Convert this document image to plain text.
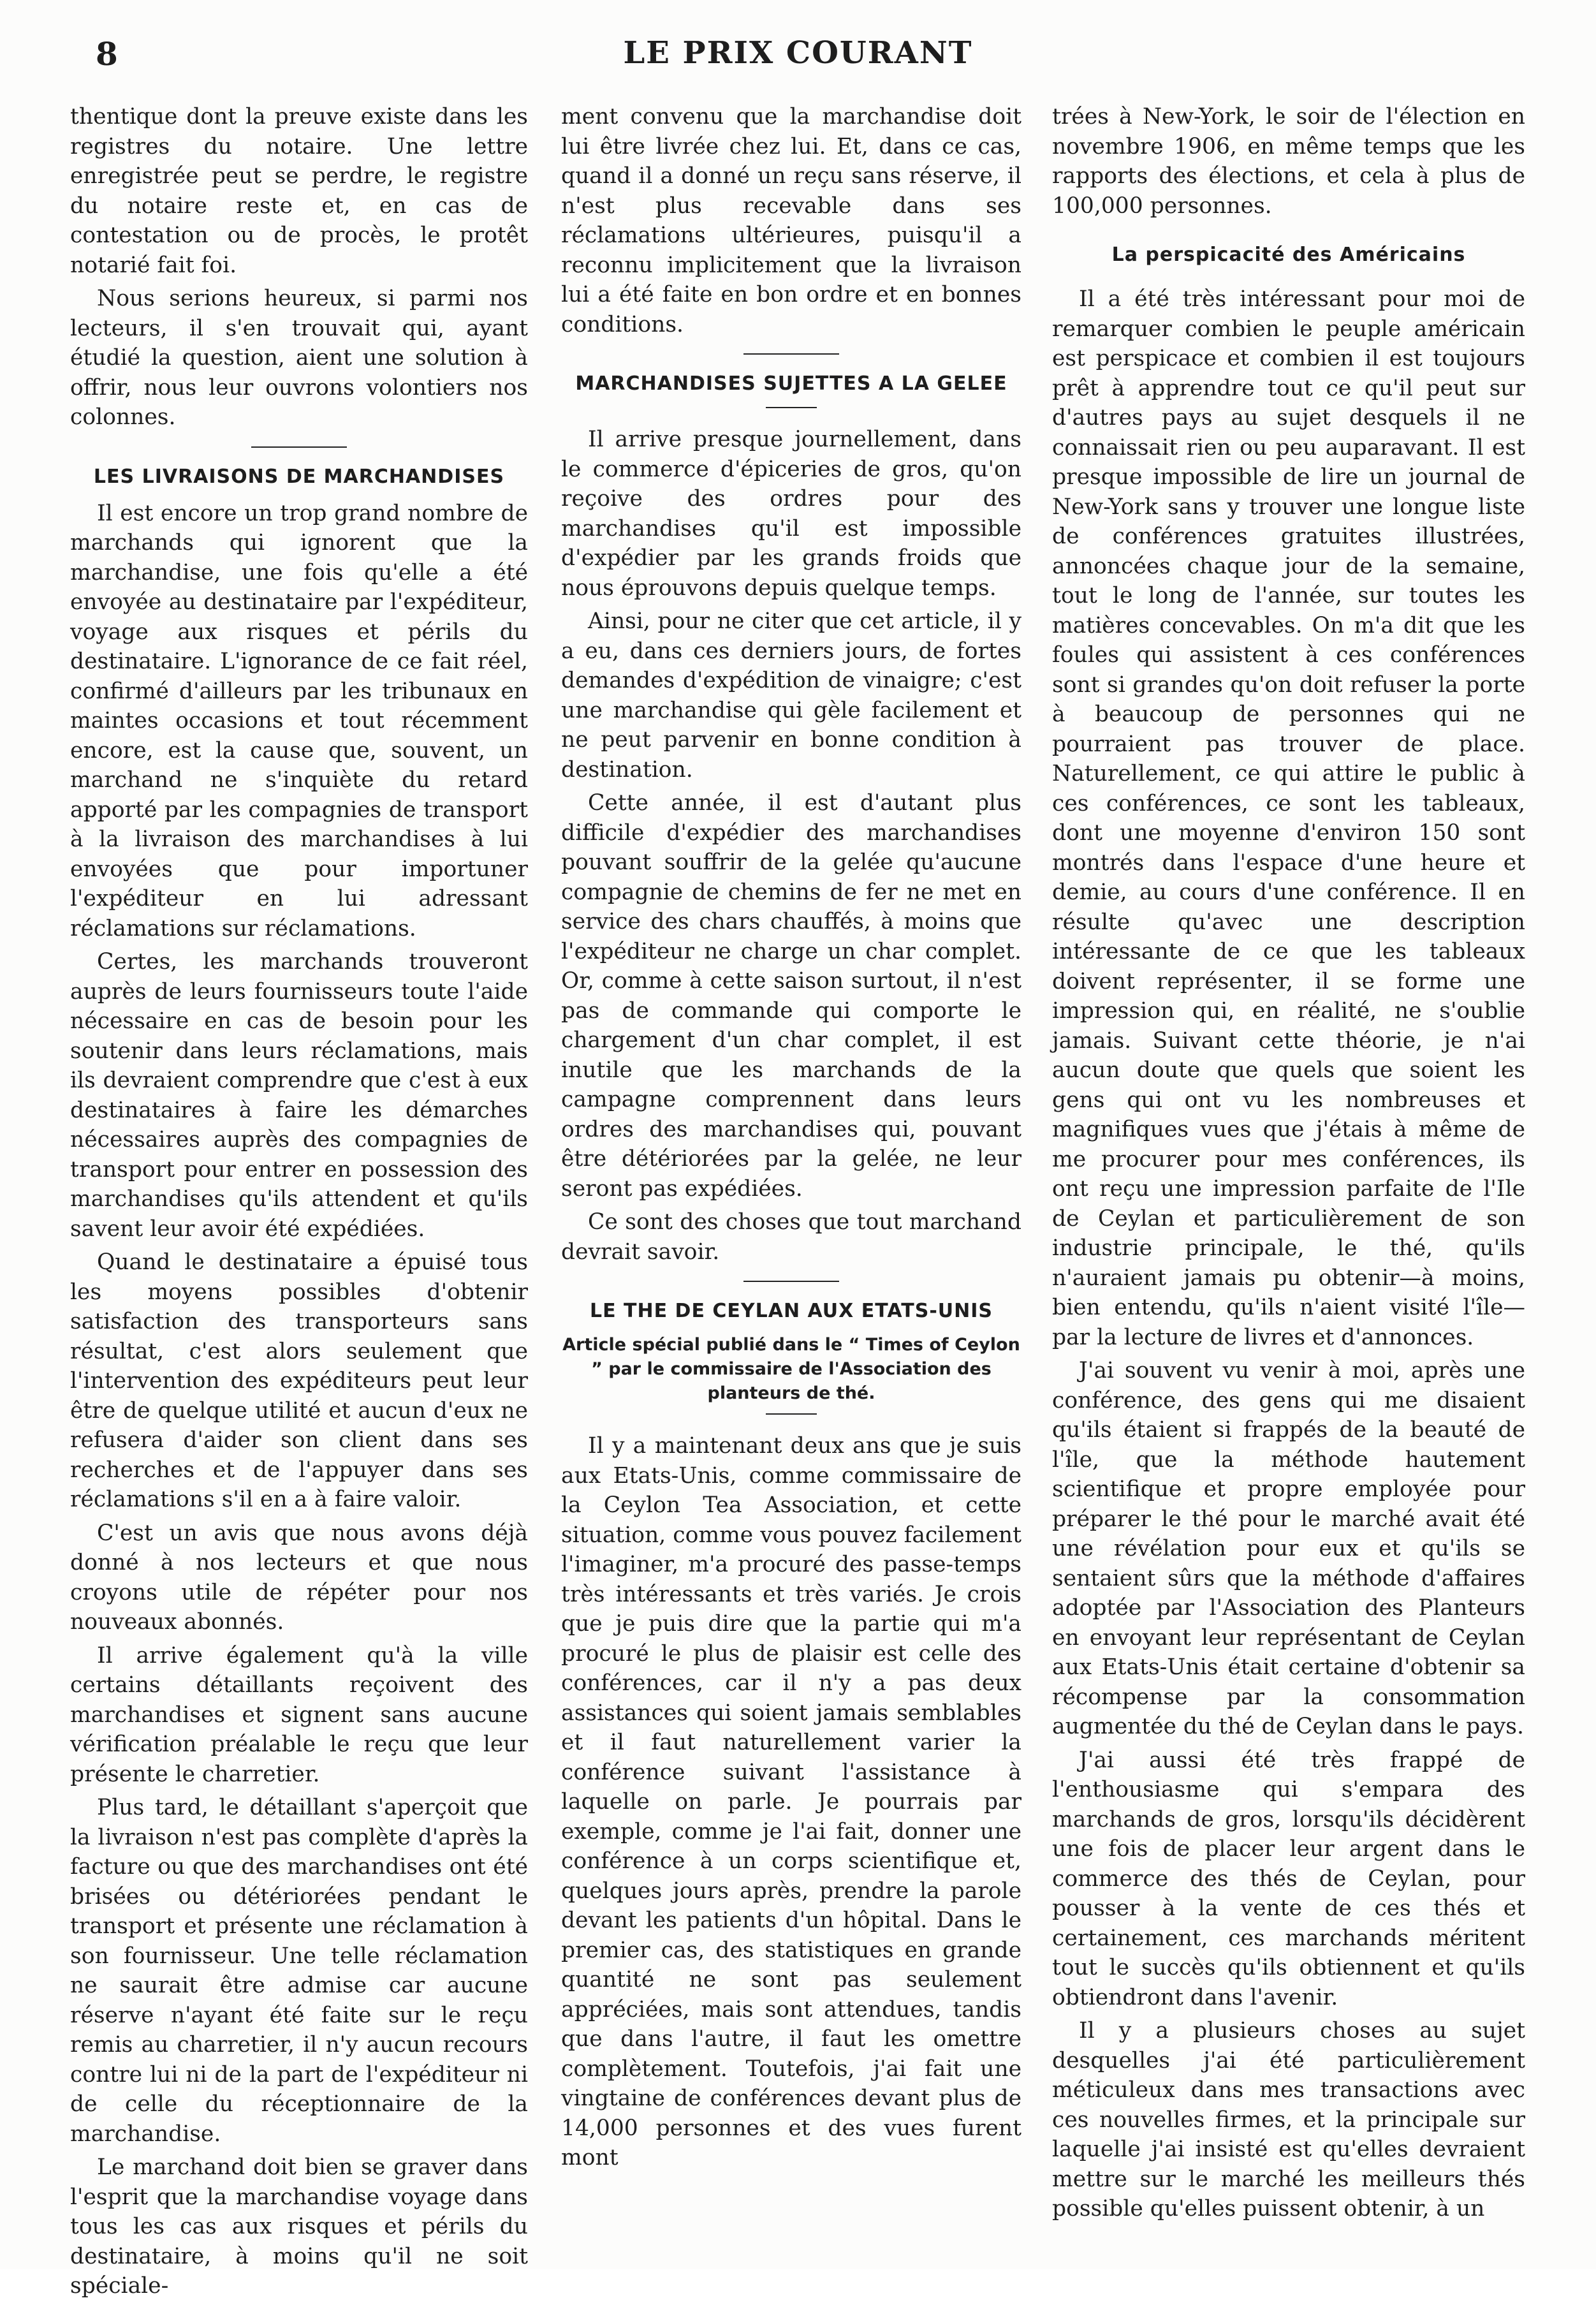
8	LE PRIX COURANT

thentique dont la preuve existe dans les registres du notaire. Une lettre enregistrée peut se perdre, le registre du notaire reste et, en cas de contestation ou de procès, le protêt notarié fait foi.

Nous serions heureux, si parmi nos lecteurs, il s'en trouvait qui, ayant étudié la question, aient une solution à offrir, nous leur ouvrons volontiers nos colonnes.

LES LIVRAISONS DE MARCHANDISES

Il est encore un trop grand nombre de marchands qui ignorent que la marchandise, une fois qu'elle a été envoyée au destinataire par l'expéditeur, voyage aux risques et périls du destinataire. L'ignorance de ce fait réel, confirmé d'ailleurs par les tribunaux en maintes occasions et tout récemment encore, est la cause que, souvent, un marchand ne s'inquiète du retard apporté par les compagnies de transport à la livraison des marchandises à lui envoyées que pour importuner l'expéditeur en lui adressant réclamations sur réclamations.

Certes, les marchands trouveront auprès de leurs fournisseurs toute l'aide nécessaire en cas de besoin pour les soutenir dans leurs réclamations, mais ils devraient comprendre que c'est à eux destinataires à faire les démarches nécessaires auprès des compagnies de transport pour entrer en possession des marchandises qu'ils attendent et qu'ils savent leur avoir été expédiées.

Quand le destinataire a épuisé tous les moyens possibles d'obtenir satisfaction des transporteurs sans résultat, c'est alors seulement que l'intervention des expéditeurs peut leur être de quelque utilité et aucun d'eux ne refusera d'aider son client dans ses recherches et de l'appuyer dans ses réclamations s'il en a à faire valoir.

C'est un avis que nous avons déjà donné à nos lecteurs et que nous croyons utile de répéter pour nos nouveaux abonnés.

Il arrive également qu'à la ville certains détaillants reçoivent des marchandises et signent sans aucune vérification préalable le reçu que leur présente le charretier.

Plus tard, le détaillant s'aperçoit que la livraison n'est pas complète d'après la facture ou que des marchandises ont été brisées ou détériorées pendant le transport et présente une réclamation à son fournisseur. Une telle réclamation ne saurait être admise car aucune réserve n'ayant été faite sur le reçu remis au charretier, il n'y aucun recours contre lui ni de la part de l'expéditeur ni de celle du réceptionnaire de la marchandise.

Le marchand doit bien se graver dans l'esprit que la marchandise voyage dans tous les cas aux risques et périls du destinataire, à moins qu'il ne soit spéciale-

ment convenu que la marchandise doit lui être livrée chez lui. Et, dans ce cas, quand il a donné un reçu sans réserve, il n'est plus recevable dans ses réclamations ultérieures, puisqu'il a reconnu implicitement que la livraison lui a été faite en bon ordre et en bonnes conditions.

MARCHANDISES SUJETTES A LA GELEE

Il arrive presque journellement, dans le commerce d'épiceries de gros, qu'on reçoive des ordres pour des marchandises qu'il est impossible d'expédier par les grands froids que nous éprouvons depuis quelque temps.

Ainsi, pour ne citer que cet article, il y a eu, dans ces derniers jours, de fortes demandes d'expédition de vinaigre; c'est une marchandise qui gèle facilement et ne peut parvenir en bonne condition à destination.

Cette année, il est d'autant plus difficile d'expédier des marchandises pouvant souffrir de la gelée qu'aucune compagnie de chemins de fer ne met en service des chars chauffés, à moins que l'expéditeur ne charge un char complet. Or, comme à cette saison surtout, il n'est pas de commande qui comporte le chargement d'un char complet, il est inutile que les marchands de la campagne comprennent dans leurs ordres des marchandises qui, pouvant être détériorées par la gelée, ne leur seront pas expédiées.

Ce sont des choses que tout marchand devrait savoir.

LE THE DE CEYLAN AUX ETATS-UNIS
Article spécial publié dans le “ Times of Ceylon ” par le commissaire de l'Association des planteurs de thé.

Il y a maintenant deux ans que je suis aux Etats-Unis, comme commissaire de la Ceylon Tea Association, et cette situation, comme vous pouvez facilement l'imaginer, m'a procuré des passe-temps très intéressants et très variés. Je crois que je puis dire que la partie qui m'a procuré le plus de plaisir est celle des conférences, car il n'y a pas deux assistances qui soient jamais semblables et il faut naturellement varier la conférence suivant l'assistance à laquelle on parle. Je pourrais par exemple, comme je l'ai fait, donner une conférence à un corps scientifique et, quelques jours après, prendre la parole devant les patients d'un hôpital. Dans le premier cas, des statistiques en grande quantité ne sont pas seulement appréciées, mais sont attendues, tandis que dans l'autre, il faut les omettre complètement. Toutefois, j'ai fait une vingtaine de conférences devant plus de 14,000 personnes et des vues furent mont

trées à New-York, le soir de l'élection en novembre 1906, en même temps que les rapports des élections, et cela à plus de 100,000 personnes.

La perspicacité des Américains

Il a été très intéressant pour moi de remarquer combien le peuple américain est perspicace et combien il est toujours prêt à apprendre tout ce qu'il peut sur d'autres pays au sujet desquels il ne connaissait rien ou peu auparavant. Il est presque impossible de lire un journal de New-York sans y trouver une longue liste de conférences gratuites illustrées, annoncées chaque jour de la semaine, tout le long de l'année, sur toutes les matières concevables. On m'a dit que les foules qui assistent à ces conférences sont si grandes qu'on doit refuser la porte à beaucoup de personnes qui ne pourraient pas trouver de place. Naturellement, ce qui attire le public à ces conférences, ce sont les tableaux, dont une moyenne d'environ 150 sont montrés dans l'espace d'une heure et demie, au cours d'une conférence. Il en résulte qu'avec une description intéressante de ce que les tableaux doivent représenter, il se forme une impression qui, en réalité, ne s'oublie jamais. Suivant cette théorie, je n'ai aucun doute que quels que soient les gens qui ont vu les nombreuses et magnifiques vues que j'étais à même de me procurer pour mes conférences, ils ont reçu une impression parfaite de l'Ile de Ceylan et particulièrement de son industrie principale, le thé, qu'ils n'auraient jamais pu obtenir—à moins, bien entendu, qu'ils n'aient visité l'île—par la lecture de livres et d'annonces.

J'ai souvent vu venir à moi, après une conférence, des gens qui me disaient qu'ils étaient si frappés de la beauté de l'île, que la méthode hautement scientifique et propre employée pour préparer le thé pour le marché avait été une révélation pour eux et qu'ils se sentaient sûrs que la méthode d'affaires adoptée par l'Association des Planteurs en envoyant leur représentant de Ceylan aux Etats-Unis était certaine d'obtenir sa récompense par la consommation augmentée du thé de Ceylan dans le pays.

J'ai aussi été très frappé de l'enthousiasme qui s'empara des marchands de gros, lorsqu'ils décidèrent une fois de placer leur argent dans le commerce des thés de Ceylan, pour pousser à la vente de ces thés et certainement, ces marchands méritent tout le succès qu'ils obtiennent et qu'ils obtiendront dans l'avenir.

Il y a plusieurs choses au sujet desquelles j'ai été particulièrement méticuleux dans mes transactions avec ces nouvelles firmes, et la principale sur laquelle j'ai insisté est qu'elles devraient mettre sur le marché les meilleurs thés possible qu'elles puissent obtenir, à un
